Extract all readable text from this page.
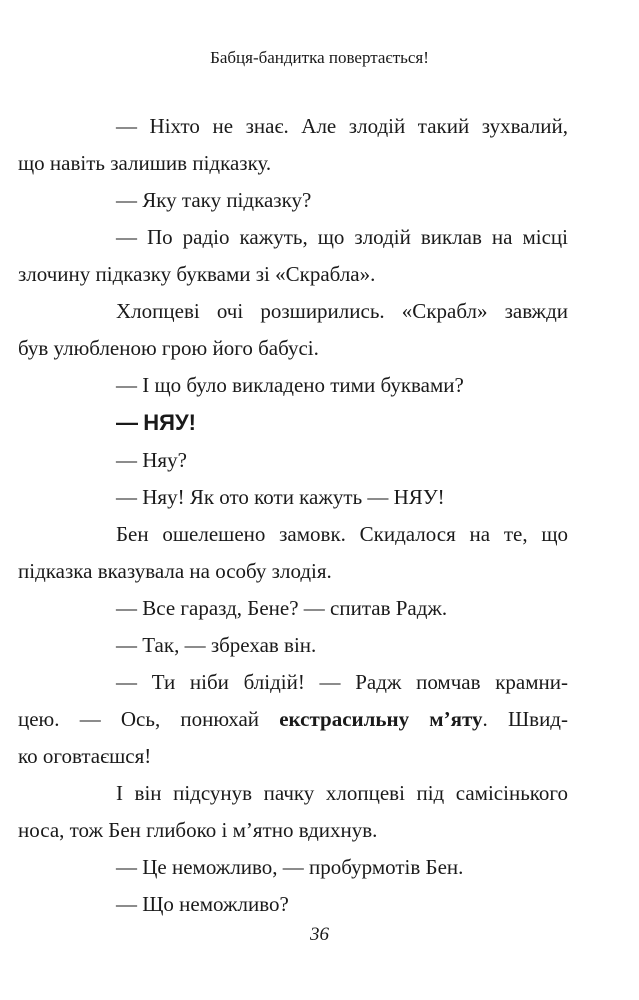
Бабця-бандитка повертається!
— Ніхто не знає. Але злодій такий зухвалий,
що навіть залишив підказку.
— Яку таку підказку?
— По радіо кажуть, що злодій виклав на місці
злочину підказку буквами зі «Скрабла».
Хлопцеві очі розширились. «Скрабл» завжди
був улюбленою грою його бабусі.
— І що було викладено тими буквами?
— НЯУ!
— Няу?
— Няу! Як ото коти кажуть — НЯУ!
Бен ошелешено замовк. Скидалося на те, що
підказка вказувала на особу злодія.
— Все гаразд, Бене? — спитав Радж.
— Так, — збрехав він.
— Ти ніби блідій! — Радж помчав крамни-
цею. — Ось, понюхай екстрасильну м’яту. Швид-
ко оговтаєшся!
І він підсунув пачку хлопцеві під самісінького
носа, тож Бен глибоко і м’ятно вдихнув.
— Це неможливо, — пробурмотів Бен.
— Що неможливо?
36
